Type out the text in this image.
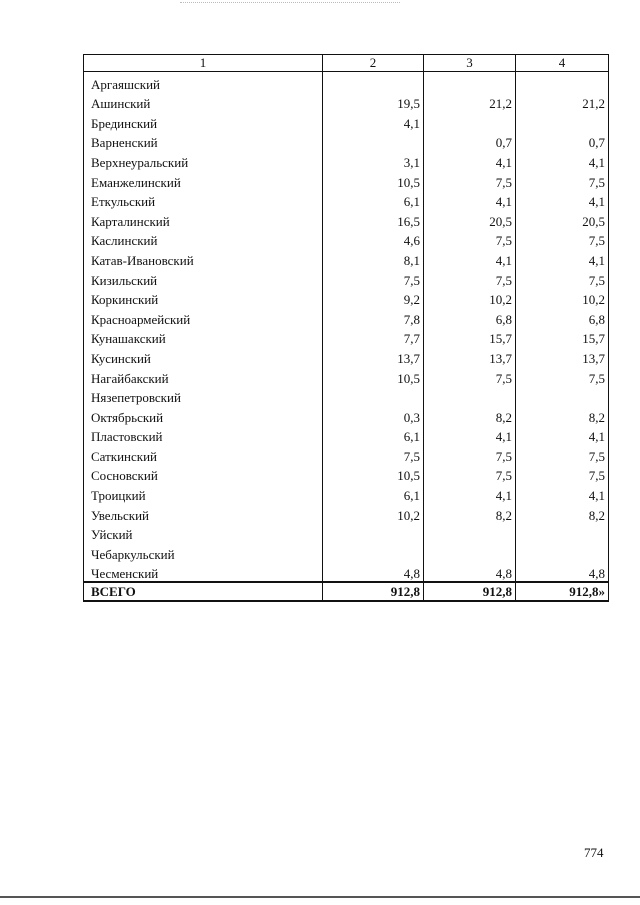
1	2	3	4
Аргаяшский			
Ашинский	19,5	21,2	21,2
Брединский	4,1		
Варненский		0,7	0,7
Верхнеуральский	3,1	4,1	4,1
Еманжелинский	10,5	7,5	7,5
Еткульский	6,1	4,1	4,1
Карталинский	16,5	20,5	20,5
Каслинский	4,6	7,5	7,5
Катав-Ивановский	8,1	4,1	4,1
Кизильский	7,5	7,5	7,5
Коркинский	9,2	10,2	10,2
Красноармейский	7,8	6,8	6,8
Кунашакский	7,7	15,7	15,7
Кусинский	13,7	13,7	13,7
Нагайбакский	10,5	7,5	7,5
Нязепетровский			
Октябрьский	0,3	8,2	8,2
Пластовский	6,1	4,1	4,1
Саткинский	7,5	7,5	7,5
Сосновский	10,5	7,5	7,5
Троицкий	6,1	4,1	4,1
Увельский	10,2	8,2	8,2
Уйский			
Чебаркульский			
Чесменский	4,8	4,8	4,8
ВСЕГО	912,8	912,8	912,8»
774
